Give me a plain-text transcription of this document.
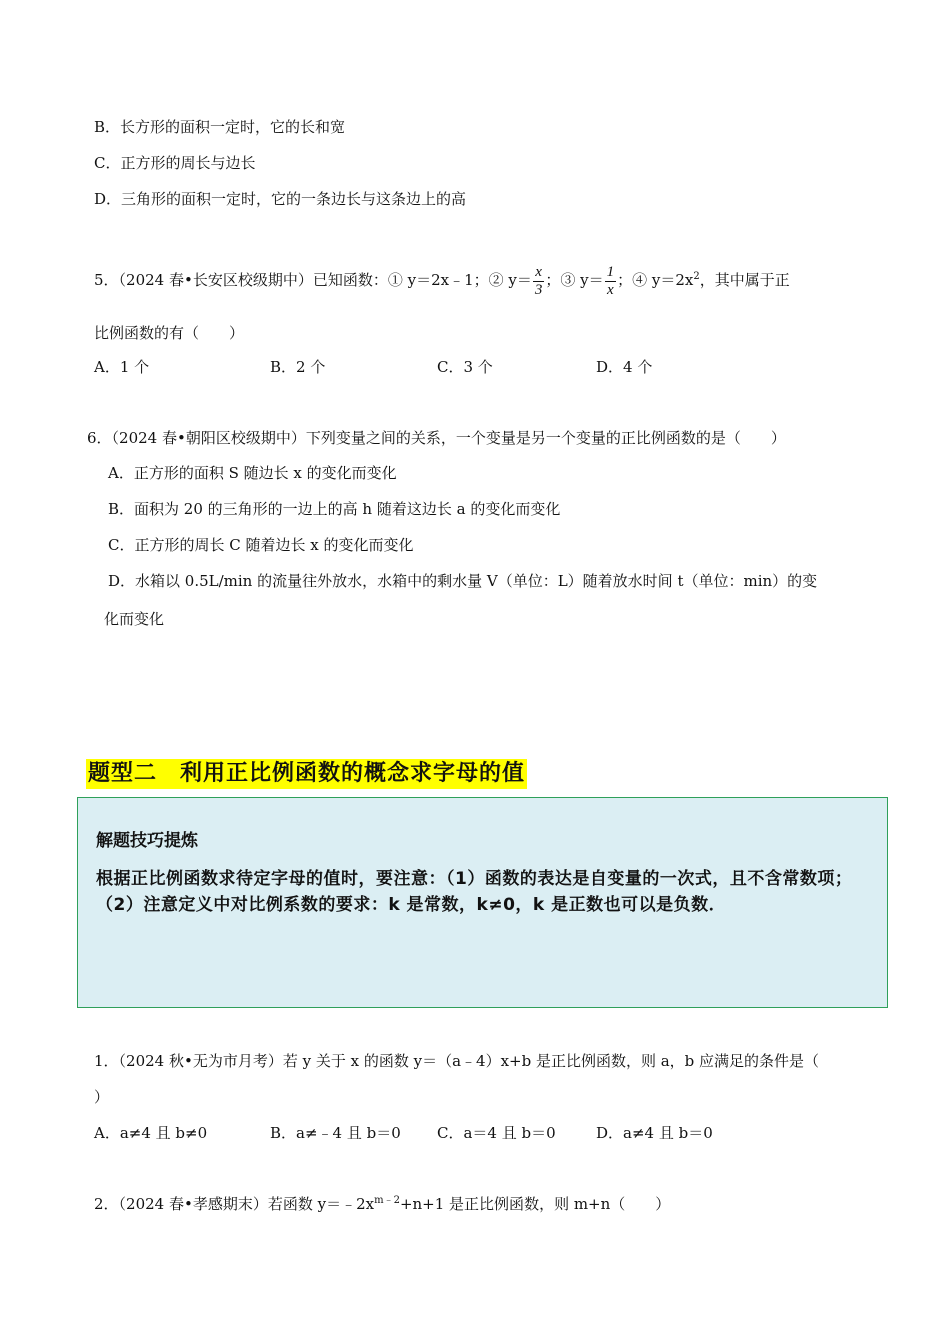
B．长方形的面积一定时，它的长和宽
C．正方形的周长与边长
D．三角形的面积一定时，它的一条边长与这条边上的高
5．（2024 春•长安区校级期中）已知函数：① y＝2x﹣1；② $y= \frac{x}{3}$ ；③ $y= \frac{1}{x}$ ；④ $y=2x^2$，其中属于正
比例函数的有（　　）
A．1 个	B．2 个	C．3 个	D．4 个
6．（2024 春•朝阳区校级期中）下列变量之间的关系，一个变量是另一个变量的正比例函数的是（　　）
A．正方形的面积 S 随边长 x 的变化而变化
B．面积为 20 的三角形的一边上的高 h 随着这边长 a 的变化而变化
C．正方形的周长 C 随着边长 x 的变化而变化
D．水箱以 0.5L/min 的流量往外放水，水箱中的剩水量 V（单位：L）随着放水时间 t（单位：min）的变
化而变化
题型二　利用正比例函数的概念求字母的值
解题技巧提炼
根据正比例函数求待定字母的值时，要注意：（1）函数的表达是自变量的一次式，且不含常数项；（2）注意定义中对比例系数的要求：k 是常数，k≠0，k 是正数也可以是负数．
1．（2024 秋•无为市月考）若 y 关于 x 的函数 y＝（a﹣4）x+b 是正比例函数，则 a，b 应满足的条件是（
）
A．a≠4 且 b≠0	B．a≠﹣4 且 b＝0 C．a＝4 且 b＝0	D．a≠4 且 b＝0
2．（2024 春•孝感期末）若函数 $y=﹣2x^{m﹣2}+n+1$ 是正比例函数，则 m+n（　　）
